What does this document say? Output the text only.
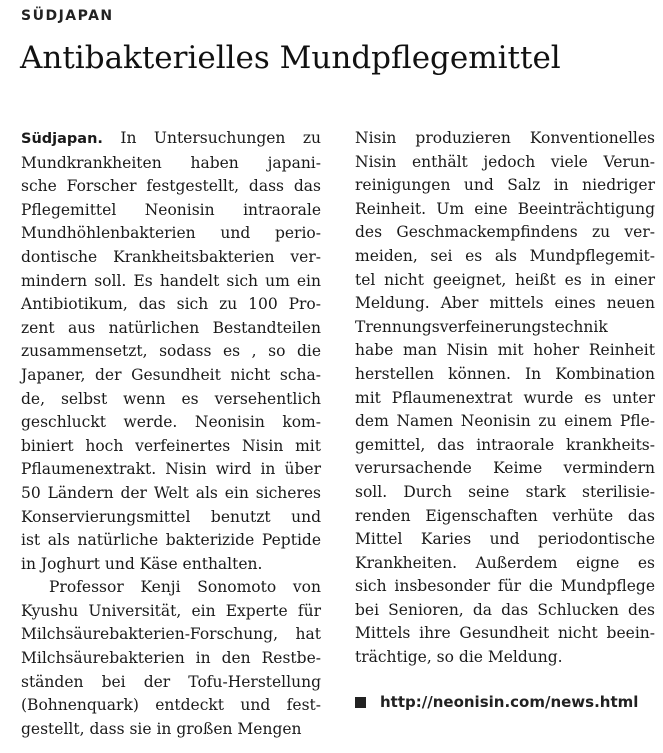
SÜDJAPAN
Antibakterielles Mundpflegemittel
Südjapan. In Untersuchungen zu
Mundkrankheiten haben japani-
sche Forscher festgestellt, dass das
Pflegemittel Neonisin intraorale
Mundhöhlenbakterien und perio-
dontische Krankheitsbakterien ver-
mindern soll. Es handelt sich um ein
Antibiotikum, das sich zu 100 Pro-
zent aus natürlichen Bestandteilen
zusammensetzt, sodass es , so die
Japaner, der Gesundheit nicht scha-
de, selbst wenn es versehentlich
geschluckt werde. Neonisin kom-
biniert hoch verfeinertes Nisin mit
Pflaumenextrakt. Nisin wird in über
50 Ländern der Welt als ein sicheres
Konservierungsmittel benutzt und
ist als natürliche bakterizide Peptide
in Joghurt und Käse enthalten.
Professor Kenji Sonomoto von
Kyushu Universität, ein Experte für
Milchsäurebakterien-Forschung, hat
Milchsäurebakterien in den Restbe-
ständen bei der Tofu-Herstellung
(Bohnenquark) entdeckt und fest-
gestellt, dass sie in großen Mengen
Nisin produzieren Konventionelles
Nisin enthält jedoch viele Verun-
reinigungen und Salz in niedriger
Reinheit. Um eine Beeinträchtigung
des Geschmackempfindens zu ver-
meiden, sei es als Mundpflegemit-
tel nicht geeignet, heißt es in einer
Meldung. Aber mittels eines neuen
Trennungsverfeinerungstechnik
habe man Nisin mit hoher Reinheit
herstellen können. In Kombination
mit Pflaumenextrat wurde es unter
dem Namen Neonisin zu einem Pfle-
gemittel, das intraorale krankheits-
verursachende Keime vermindern
soll. Durch seine stark sterilisie-
renden Eigenschaften verhüte das
Mittel Karies und periodontische
Krankheiten. Außerdem eigne es
sich insbesonder für die Mundpflege
bei Senioren, da das Schlucken des
Mittels ihre Gesundheit nicht beein-
trächtige, so die Meldung.
http://neonisin.com/news.html
